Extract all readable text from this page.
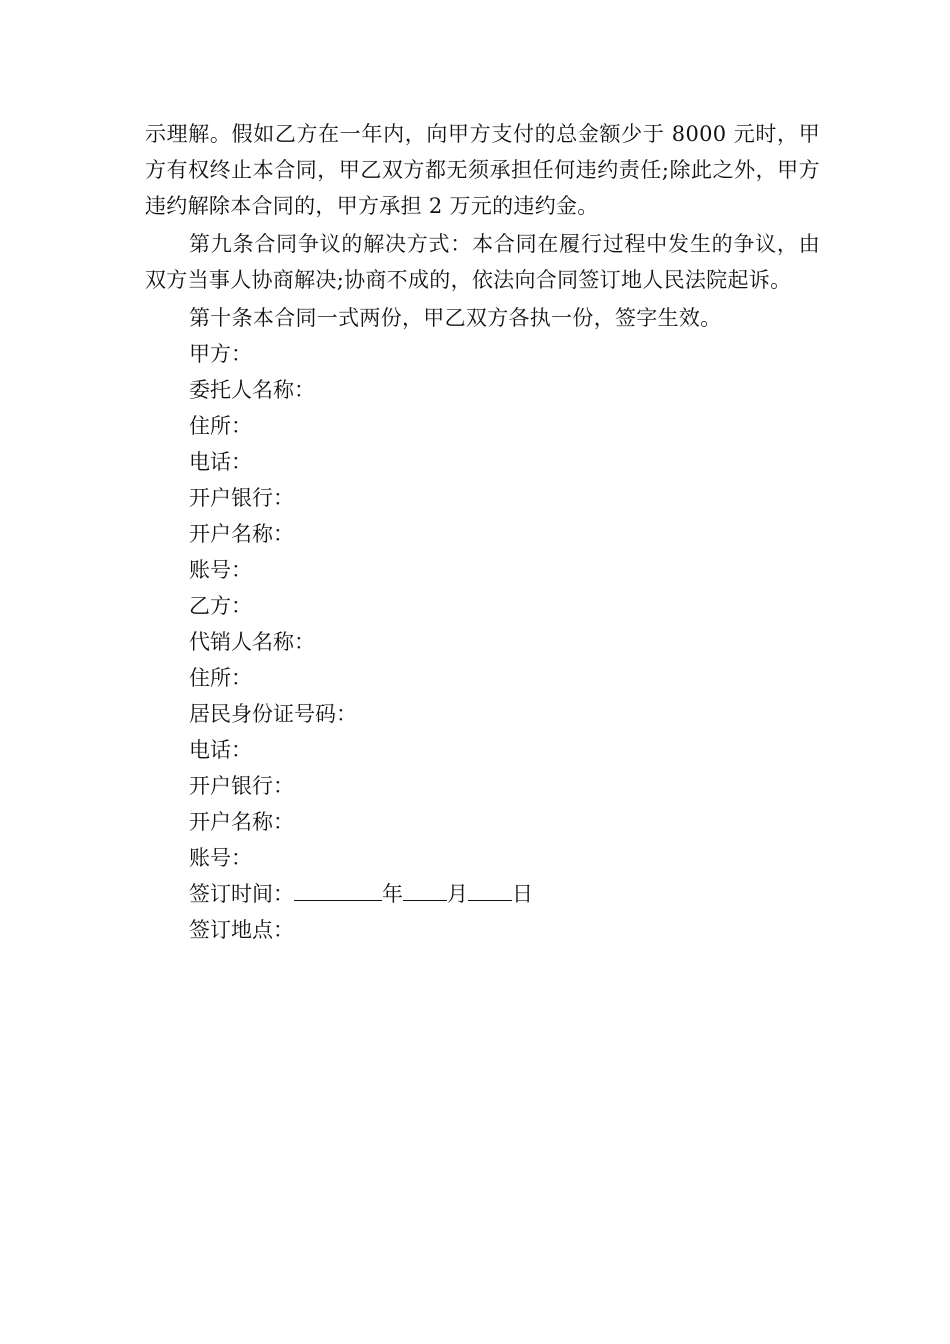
示理解。假如乙方在一年内，向甲方支付的总金额少于 8000 元时，甲方有权终止本合同，甲乙双方都无须承担任何违约责任;除此之外，甲方违约解除本合同的，甲方承担 2 万元的违约金。

第九条合同争议的解决方式：本合同在履行过程中发生的争议，由双方当事人协商解决;协商不成的，依法向合同签订地人民法院起诉。

第十条本合同一式两份，甲乙双方各执一份，签字生效。

甲方：

委托人名称：

住所：

电话：

开户银行：

开户名称：

账号：

乙方：

代销人名称：

住所：

居民身份证号码：

电话：

开户银行：

开户名称：

账号：

签订时间：	年 月 日

签订地点：
